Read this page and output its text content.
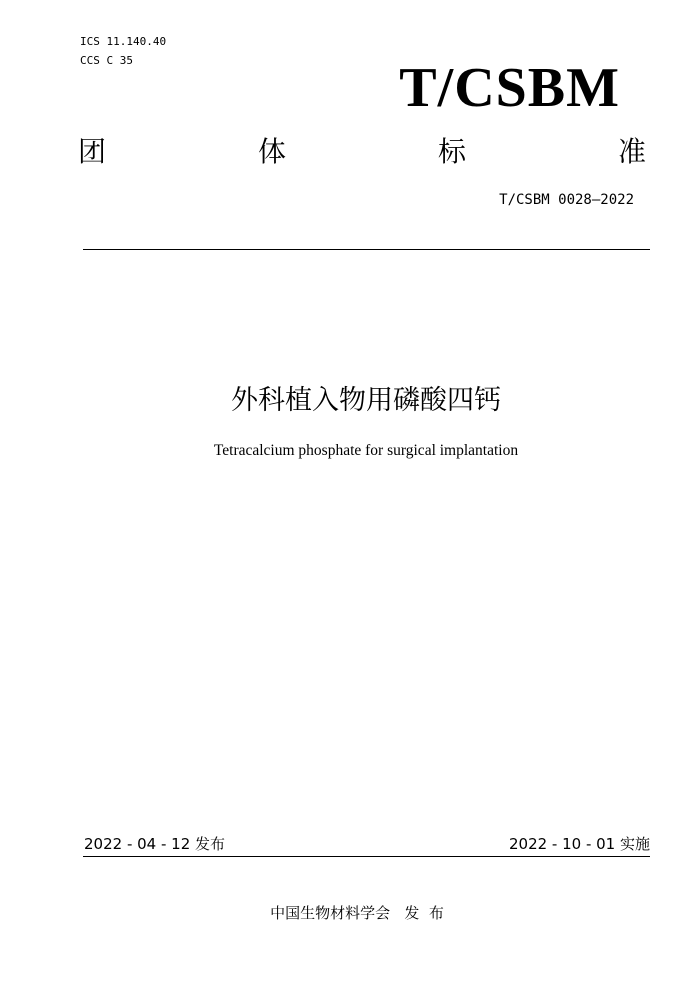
ICS 11.140.40
CCS C 35	T/CSBM
团	体	标	准
T/CSBM 0028—2022
外科植入物用磷酸四钙
Tetracalcium phosphate for surgical implantation
2022 - 04 - 12 发布	2022 - 10 - 01 实施
中国生物材料学会   发  布
